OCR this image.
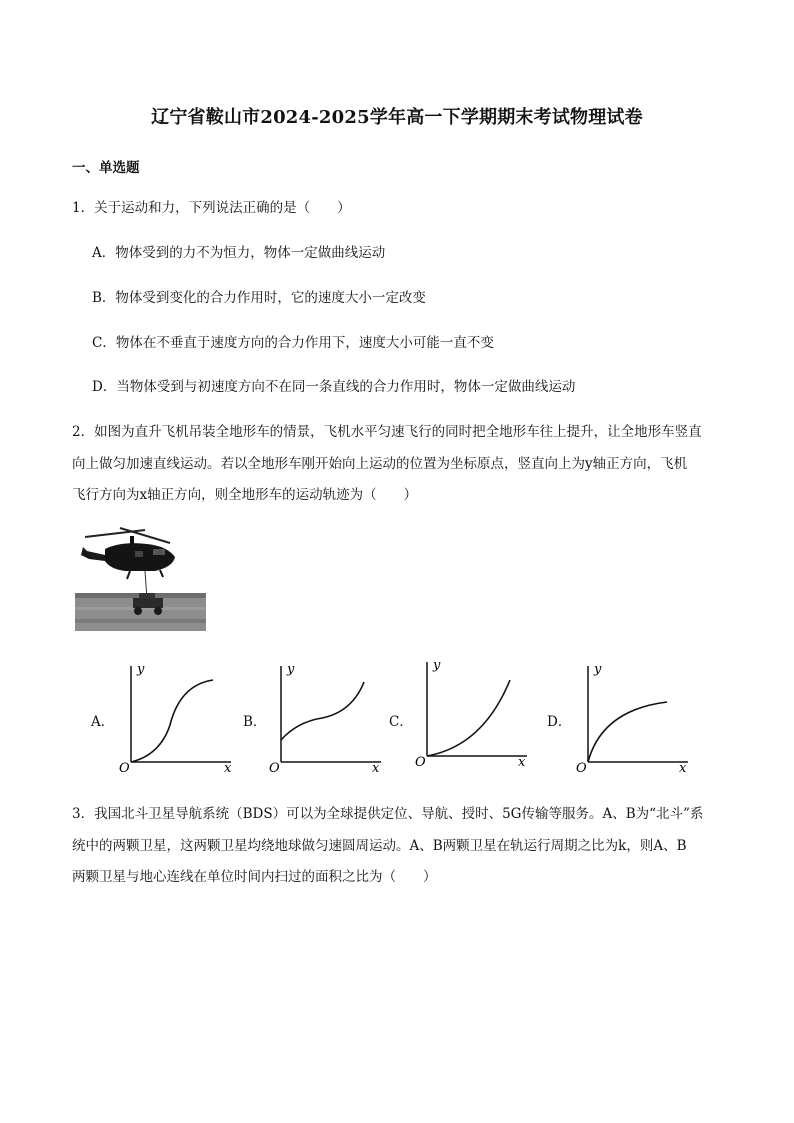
辽宁省鞍山市2024-2025学年高一下学期期末考试物理试卷
一、单选题
1．关于运动和力，下列说法正确的是（　　）
A．物体受到的力不为恒力，物体一定做曲线运动
B．物体受到变化的合力作用时，它的速度大小一定改变
C．物体在不垂直于速度方向的合力作用下，速度大小可能一直不变
D．当物体受到与初速度方向不在同一条直线的合力作用时，物体一定做曲线运动
2．如图为直升飞机吊装全地形车的情景，飞机水平匀速飞行的同时把全地形车往上提升，让全地形车竖直
向上做匀加速直线运动。若以全地形车刚开始向上运动的位置为坐标原点，竖直向上为y轴正方向，飞机
飞行方向为x轴正方向，则全地形车的运动轨迹为（　　）
A．
y
x
O
B．
y
x
O
C．
y
x
O
D．
y
x
O
3．我国北斗卫星导航系统（BDS）可以为全球提供定位、导航、授时、5G传输等服务。A、B为“北斗”系
统中的两颗卫星，这两颗卫星均绕地球做匀速圆周运动。A、B两颗卫星在轨运行周期之比为k，则A、B
两颗卫星与地心连线在单位时间内扫过的面积之比为（　　）
